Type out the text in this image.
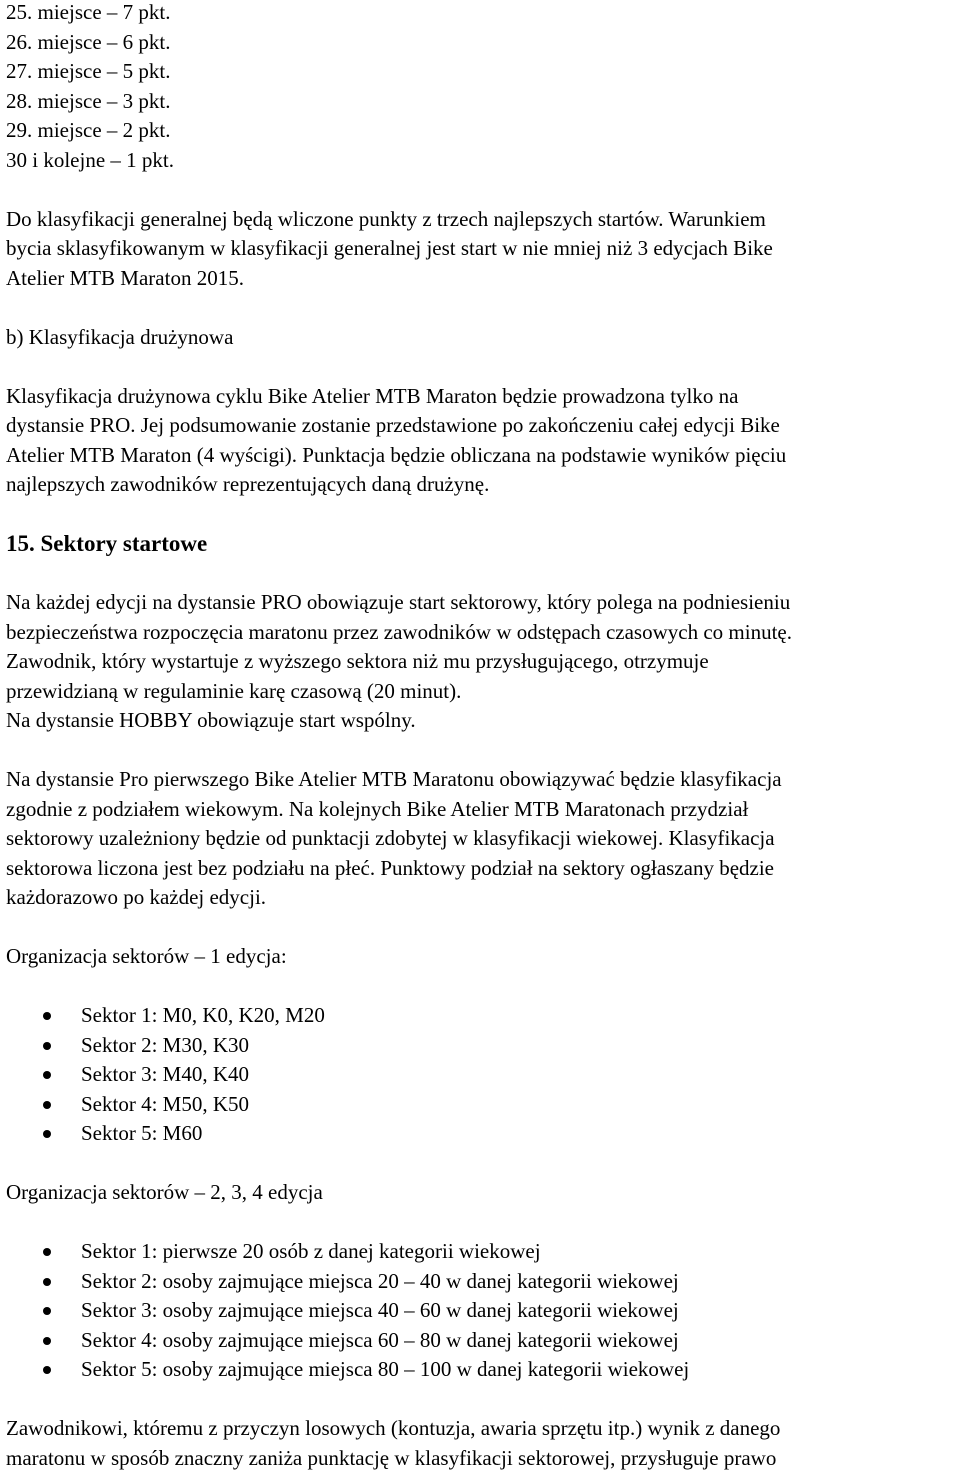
25. miejsce – 7 pkt.
26. miejsce – 6 pkt.
27. miejsce – 5 pkt.
28. miejsce – 3 pkt.
29. miejsce – 2 pkt.
30 i kolejne – 1 pkt.
Do klasyfikacji generalnej będą wliczone punkty z trzech najlepszych startów. Warunkiem
bycia sklasyfikowanym w klasyfikacji generalnej jest start w nie mniej niż 3 edycjach Bike
Atelier MTB Maraton 2015.
b) Klasyfikacja drużynowa
Klasyfikacja drużynowa cyklu Bike Atelier MTB Maraton będzie prowadzona tylko na
dystansie PRO. Jej podsumowanie zostanie przedstawione po zakończeniu całej edycji Bike
Atelier MTB Maraton (4 wyścigi). Punktacja będzie obliczana na podstawie wyników pięciu
najlepszych zawodników reprezentujących daną drużynę.
15. Sektory startowe
Na każdej edycji na dystansie PRO obowiązuje start sektorowy, który polega na podniesieniu
bezpieczeństwa rozpoczęcia maratonu przez zawodników w odstępach czasowych co minutę.
Zawodnik, który wystartuje z wyższego sektora niż mu przysługującego, otrzymuje
przewidzianą w regulaminie karę czasową (20 minut).
Na dystansie HOBBY obowiązuje start wspólny.
Na dystansie Pro pierwszego Bike Atelier MTB Maratonu obowiązywać będzie klasyfikacja
zgodnie z podziałem wiekowym. Na kolejnych Bike Atelier MTB Maratonach przydział
sektorowy uzależniony będzie od punktacji zdobytej w klasyfikacji wiekowej. Klasyfikacja
sektorowa liczona jest bez podziału na płeć. Punktowy podział na sektory ogłaszany będzie
każdorazowo po każdej edycji.
Organizacja sektorów – 1 edycja:
Sektor 1: M0, K0, K20, M20
Sektor 2: M30, K30
Sektor 3: M40, K40
Sektor 4: M50, K50
Sektor 5: M60
Organizacja sektorów – 2, 3, 4 edycja
Sektor 1: pierwsze 20 osób z danej kategorii wiekowej
Sektor 2: osoby zajmujące miejsca 20 – 40 w danej kategorii wiekowej
Sektor 3: osoby zajmujące miejsca 40 – 60 w danej kategorii wiekowej
Sektor 4: osoby zajmujące miejsca 60 – 80 w danej kategorii wiekowej
Sektor 5: osoby zajmujące miejsca 80 – 100 w danej kategorii wiekowej
Zawodnikowi, któremu z przyczyn losowych (kontuzja, awaria sprzętu itp.) wynik z danego
maratonu w sposób znaczny zaniża punktację w klasyfikacji sektorowej, przysługuje prawo
